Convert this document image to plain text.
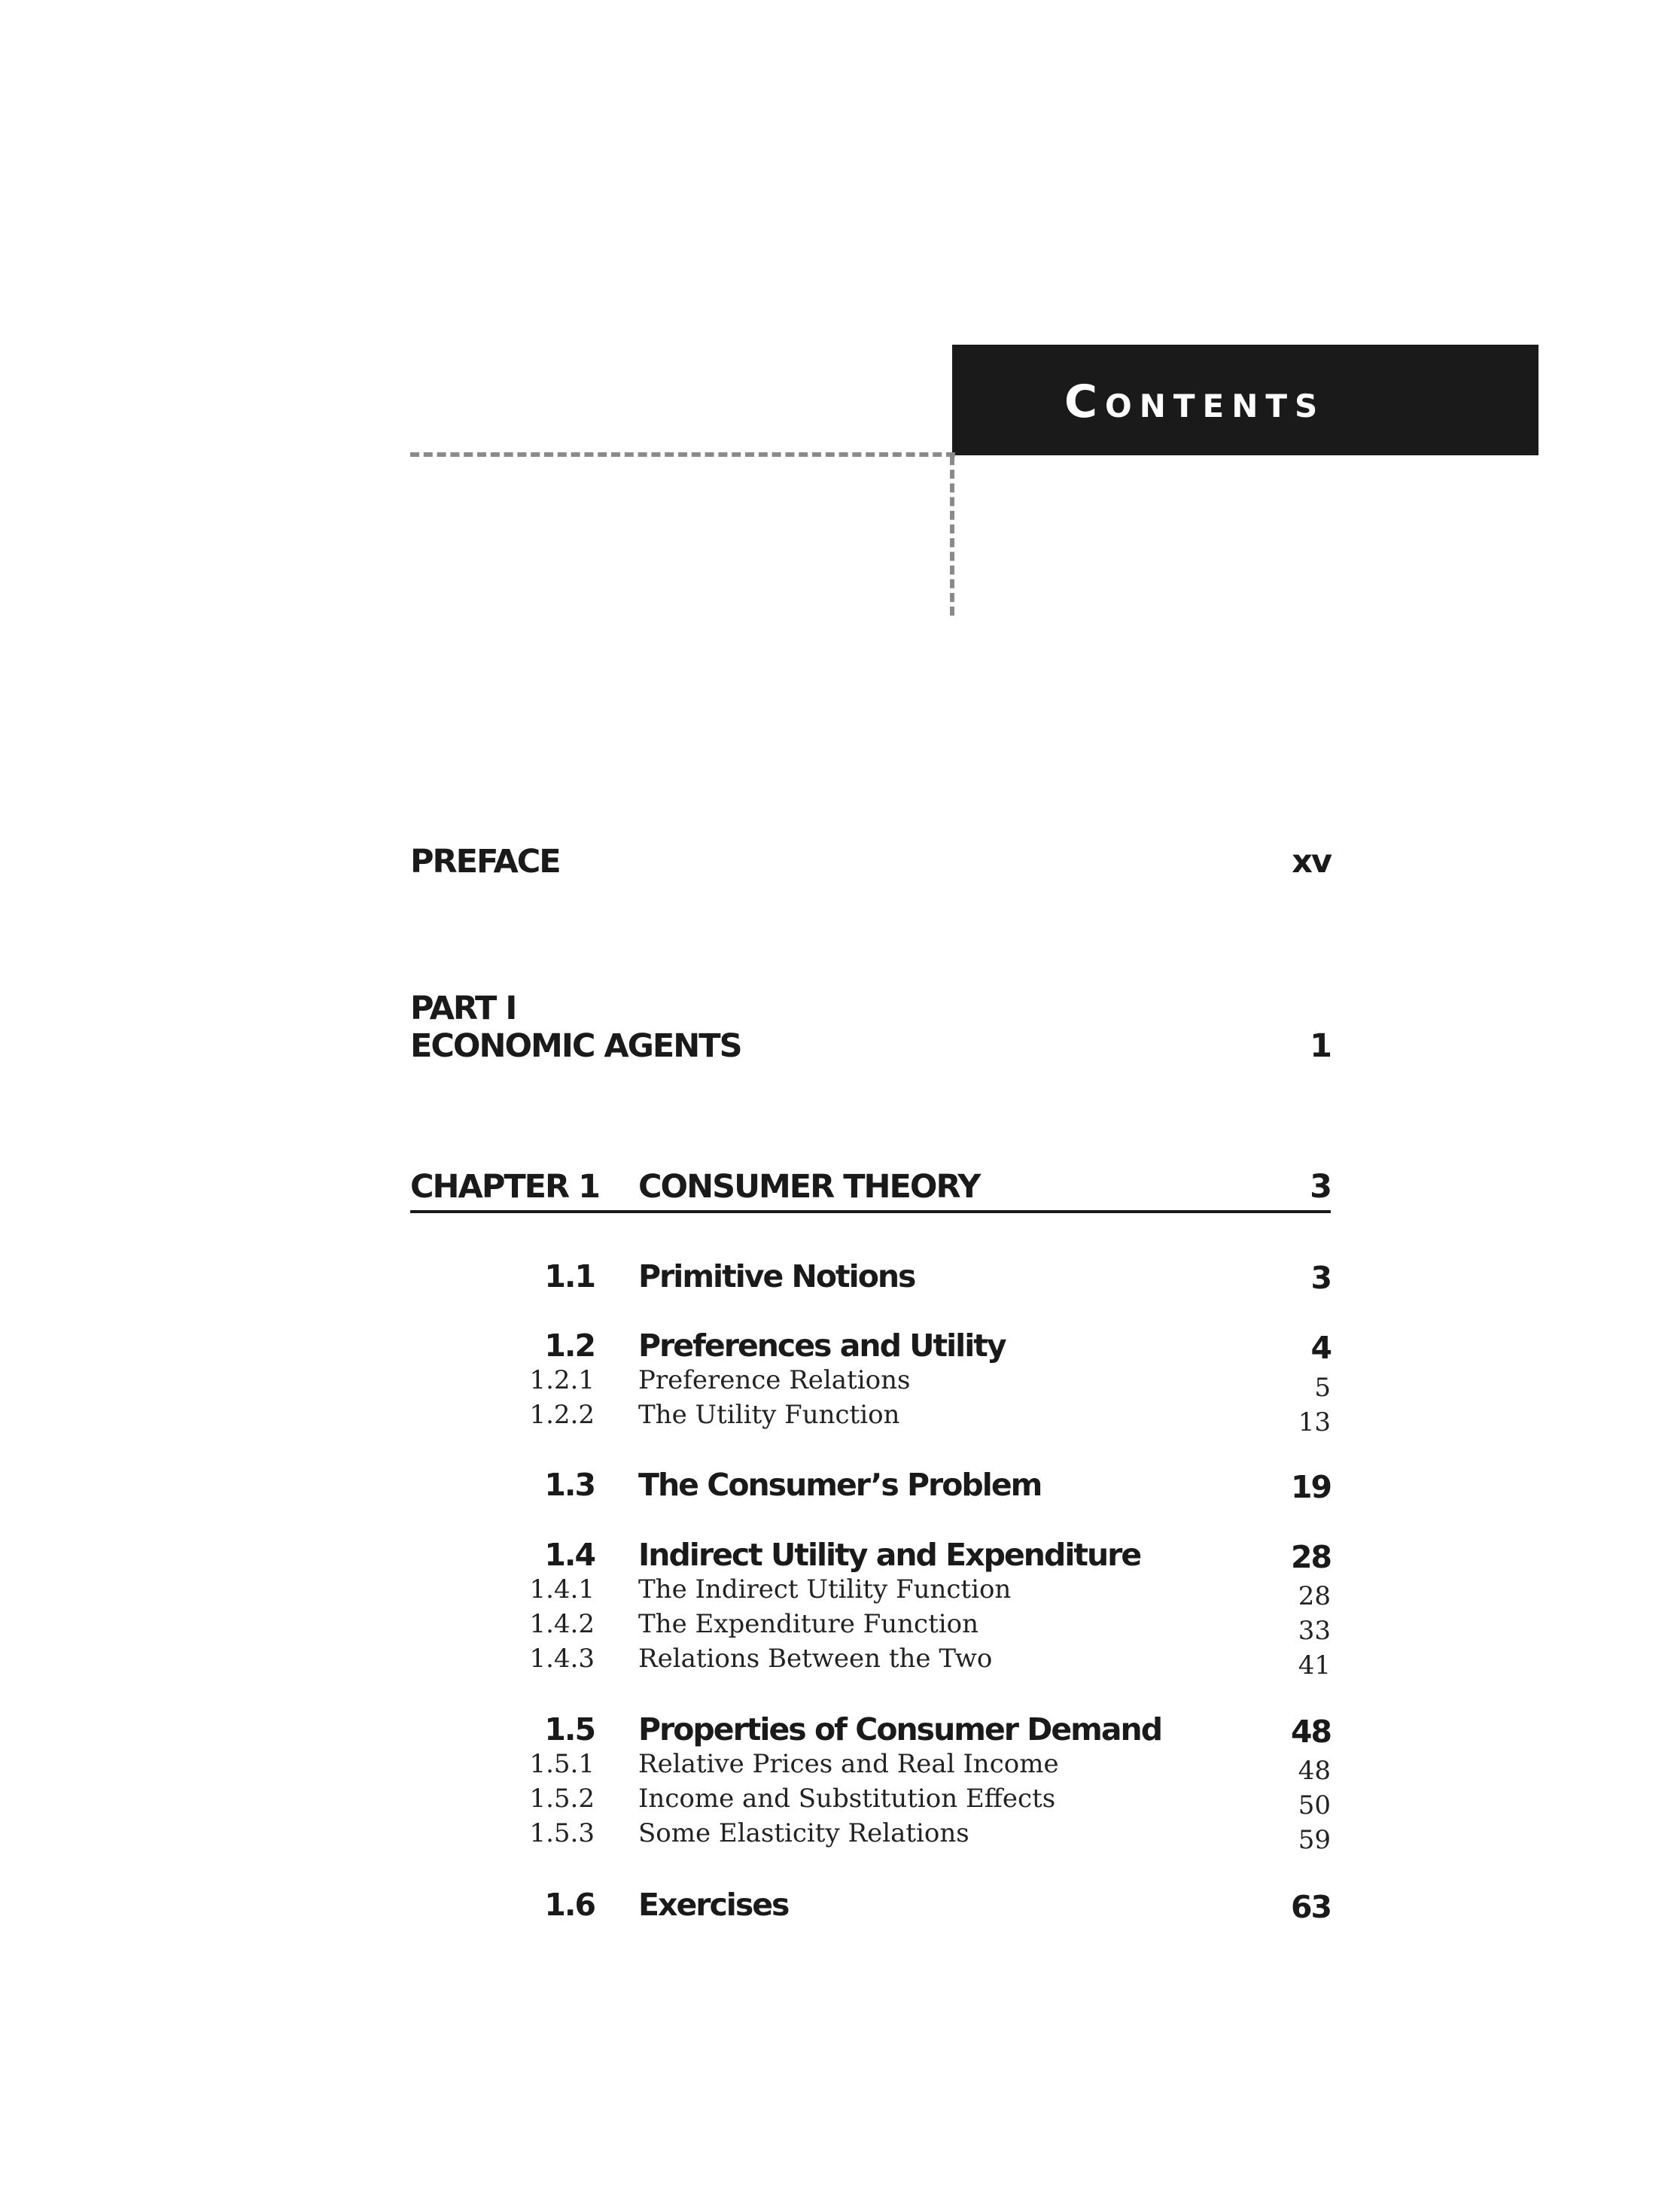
Contents
PREFACE	xv
PART I
ECONOMIC AGENTS	1
CHAPTER 1 CONSUMER THEORY	3
1.1 Primitive Notions	3
1.2 Preferences and Utility	4
1.2.1 Preference Relations	5
1.2.2 The Utility Function	13
1.3 The Consumer’s Problem	19
1.4 Indirect Utility and Expenditure	28
1.4.1 The Indirect Utility Function	28
1.4.2 The Expenditure Function	33
1.4.3 Relations Between the Two	41
1.5 Properties of Consumer Demand	48
1.5.1 Relative Prices and Real Income	48
1.5.2 Income and Substitution Effects	50
1.5.3 Some Elasticity Relations	59
1.6 Exercises	63
